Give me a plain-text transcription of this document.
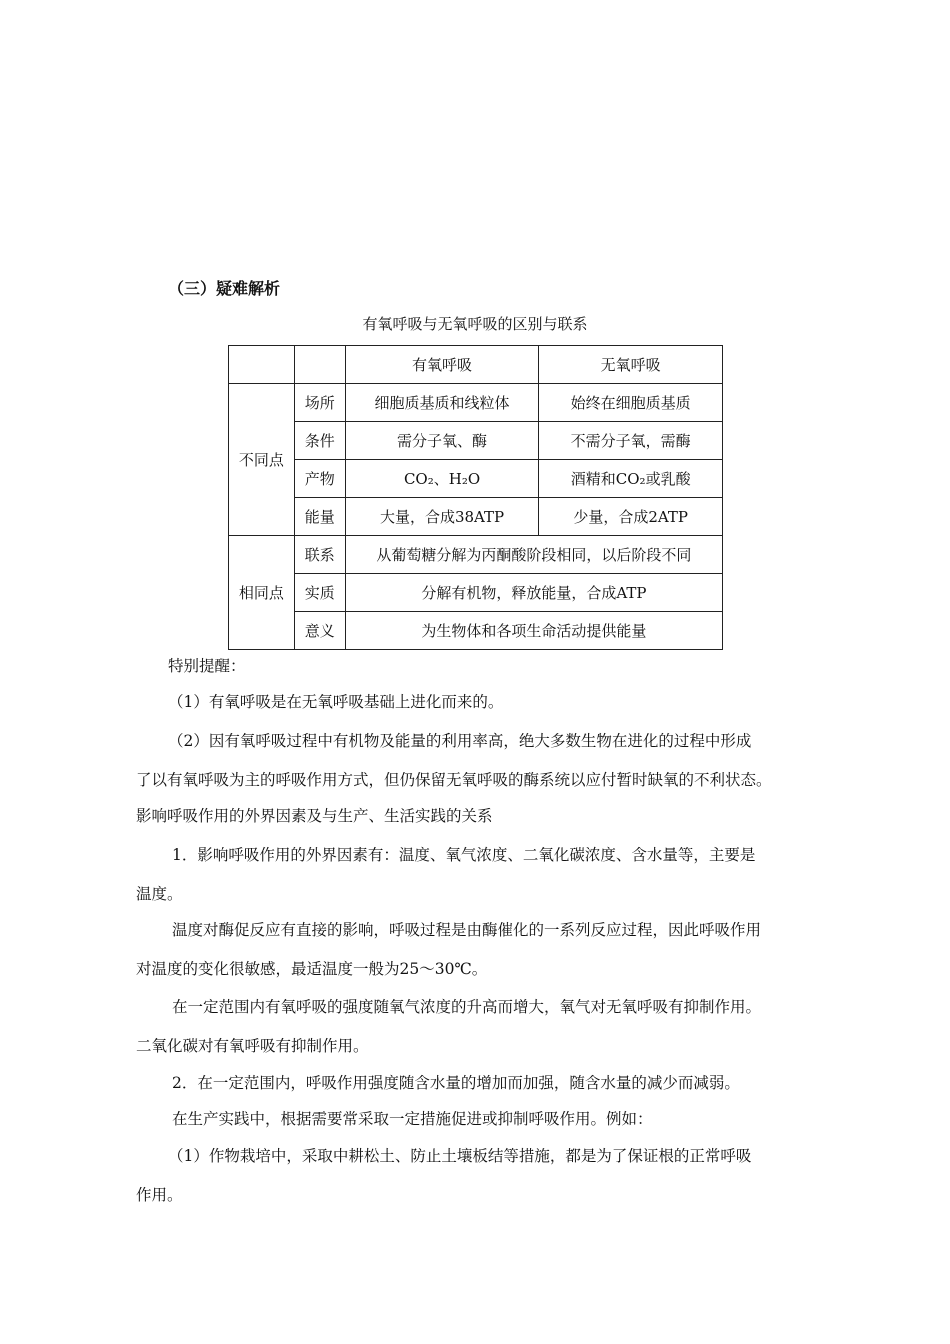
（三）疑难解析
有氧呼吸与无氧呼吸的区别与联系
		有氧呼吸	无氧呼吸
不同点	场所	细胞质基质和线粒体	始终在细胞质基质
	条件	需分子氧、酶	不需分子氧，需酶
	产物	CO₂、H₂O	酒精和CO₂或乳酸
	能量	大量，合成38ATP	少量，合成2ATP
相同点	联系	从葡萄糖分解为丙酮酸阶段相同，以后阶段不同	
	实质	分解有机物，释放能量，合成ATP	
	意义	为生物体和各项生命活动提供能量	
特别提醒：
（1）有氧呼吸是在无氧呼吸基础上进化而来的。
（2）因有氧呼吸过程中有机物及能量的利用率高，绝大多数生物在进化的过程中形成
了以有氧呼吸为主的呼吸作用方式，但仍保留无氧呼吸的酶系统以应付暂时缺氧的不利状态。
影响呼吸作用的外界因素及与生产、生活实践的关系
1．影响呼吸作用的外界因素有：温度、氧气浓度、二氧化碳浓度、含水量等，主要是
温度。
温度对酶促反应有直接的影响，呼吸过程是由酶催化的一系列反应过程，因此呼吸作用
对温度的变化很敏感，最适温度一般为25～30℃。
在一定范围内有氧呼吸的强度随氧气浓度的升高而增大，氧气对无氧呼吸有抑制作用。
二氧化碳对有氧呼吸有抑制作用。
2．在一定范围内，呼吸作用强度随含水量的增加而加强，随含水量的减少而减弱。
在生产实践中，根据需要常采取一定措施促进或抑制呼吸作用。例如：
（1）作物栽培中，采取中耕松土、防止土壤板结等措施，都是为了保证根的正常呼吸
作用。
